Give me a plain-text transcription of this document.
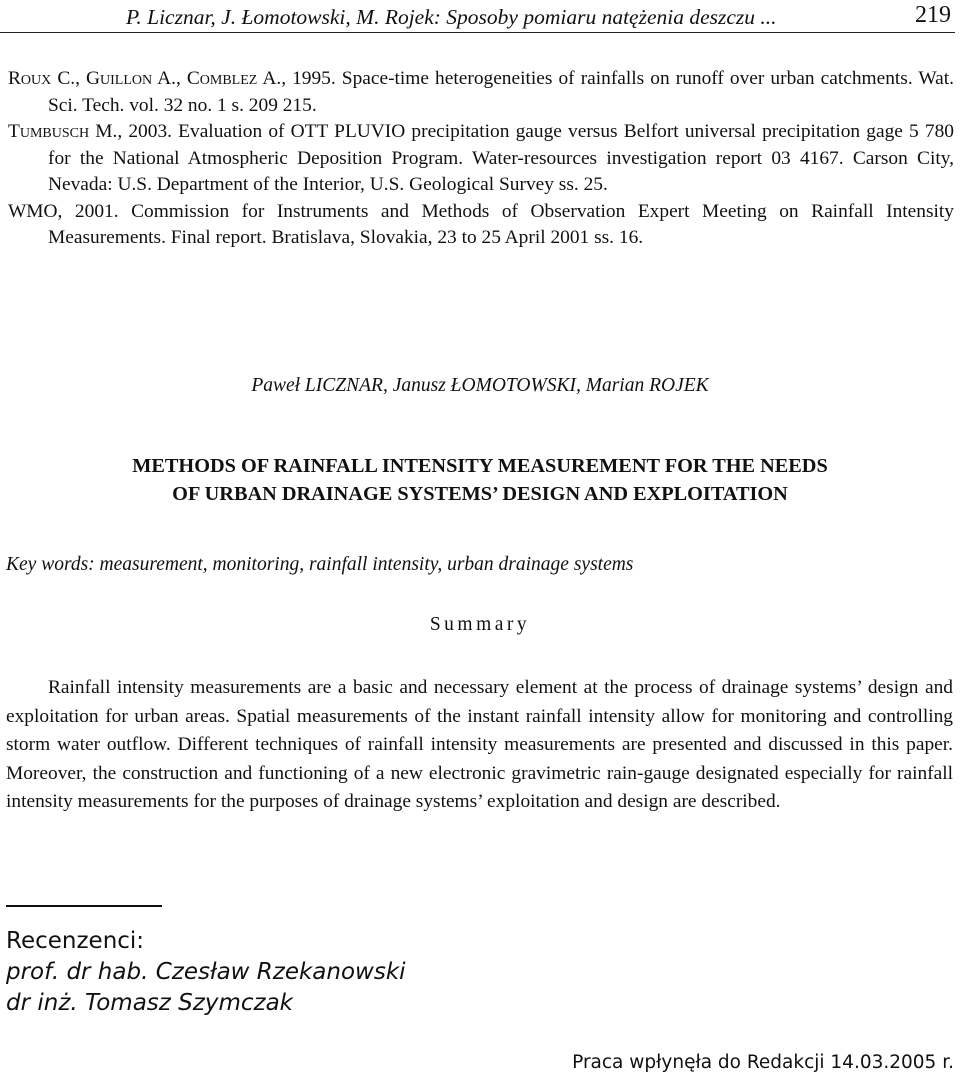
P. Licznar, J. Łomotowski, M. Rojek: Sposoby pomiaru natężenia deszczu ...	219
Roux C., Guillon A., Comblez A., 1995. Space-time heterogeneities of rainfalls on runoff over urban catchments. Wat. Sci. Tech. vol. 32 no. 1 s. 209 215.
Tumbusch M., 2003. Evaluation of OTT PLUVIO precipitation gauge versus Belfort universal precipitation gage 5 780 for the National Atmospheric Deposition Program. Water-resources investigation report 03 4167. Carson City, Nevada: U.S. Department of the Interior, U.S. Geological Survey ss. 25.
WMO, 2001. Commission for Instruments and Methods of Observation Expert Meeting on Rainfall Intensity Measurements. Final report. Bratislava, Slovakia, 23 to 25 April 2001 ss. 16.
Paweł LICZNAR, Janusz ŁOMOTOWSKI, Marian ROJEK
METHODS OF RAINFALL INTENSITY MEASUREMENT FOR THE NEEDS
OF URBAN DRAINAGE SYSTEMS’ DESIGN AND EXPLOITATION
Key words: measurement, monitoring, rainfall intensity, urban drainage systems
Summary
Rainfall intensity measurements are a basic and necessary element at the process of drainage systems’ design and exploitation for urban areas. Spatial measurements of the instant rainfall intensity allow for monitoring and controlling storm water outflow. Different techniques of rainfall intensity measurements are presented and discussed in this paper. Moreover, the construction and functioning of a new electronic gravimetric rain-gauge designated especially for rainfall intensity measurements for the purposes of drainage systems’ exploitation and design are described.
Recenzenci:
prof. dr hab. Czesław Rzekanowski
dr inż. Tomasz Szymczak
Praca wpłynęła do Redakcji 14.03.2005 r.
